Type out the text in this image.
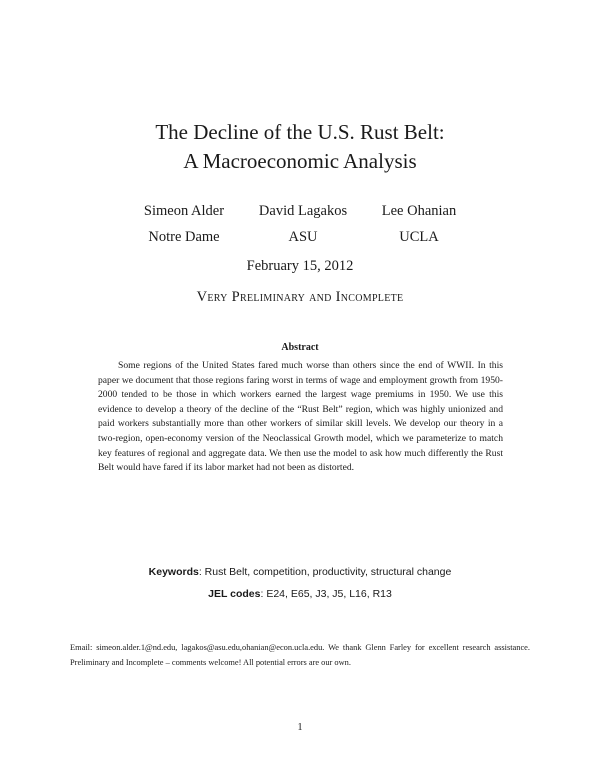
The Decline of the U.S. Rust Belt:
A Macroeconomic Analysis
Simeon Alder
Notre Dame
David Lagakos
ASU
Lee Ohanian
UCLA
February 15, 2012
Very Preliminary and Incomplete
Abstract
Some regions of the United States fared much worse than others since the end of WWII. In this paper we document that those regions faring worst in terms of wage and employment growth from 1950-2000 tended to be those in which workers earned the largest wage premiums in 1950. We use this evidence to develop a theory of the decline of the “Rust Belt” region, which was highly unionized and paid workers substantially more than other workers of similar skill levels. We develop our theory in a two-region, open-economy version of the Neoclassical Growth model, which we parameterize to match key features of regional and aggregate data. We then use the model to ask how much differently the Rust Belt would have fared if its labor market had not been as distorted.
Keywords: Rust Belt, competition, productivity, structural change
JEL codes: E24, E65, J3, J5, L16, R13
Email: simeon.alder.1@nd.edu, lagakos@asu.edu,ohanian@econ.ucla.edu. We thank Glenn Farley for excellent research assistance. Preliminary and Incomplete – comments welcome! All potential errors are our own.
1
